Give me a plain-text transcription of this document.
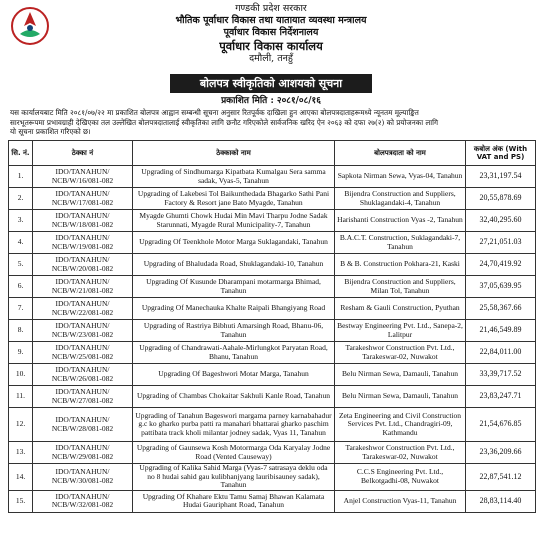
गण्डकी प्रदेश सरकार
भौतिक पूर्वाधार विकास तथा यातायात व्यवस्था मन्त्रालय
पूर्वाधार विकास निर्देशनालय
पूर्वाधार विकास कार्यालय
दमौली, तनहुँ
बोलपत्र स्वीकृतिको आशयको सूचना
प्रकाशित मिति : २०८१/०८/१६
यस कार्यालयबाट मिति २०८१/०७/२२ मा प्रकाशित बोलपत्र आह्वान सम्बन्धी सूचना अनुसार रितपूर्वक दाखिला हुन आएका बोलपत्रदाताहरूमध्ये न्यूनतम मूल्याङ्कित
सारभूतरूपमा प्रभावग्राही देखिएका तल उल्लेखित बोलपत्रदातालाई स्वीकृतिका लागि छनौट गरिएकोले सार्वजनिक खरिद ऐन २०६३ को दफा २७(२) को प्रयोजनका लागि
यो सूचना प्रकाशित गरिएको छ।
सि. नं.	ठेक्का नं	ठेक्काको नाम	बोलपत्रदाता को नाम	कबोल अंक (With VAT and PS)
1.	IDO/TANAHUN/ NCB/W/16/081-082	Upgrading of Sindhumarga Kipatbata Kumalgau Sera samma sadak, Vyas-5, Tanahun	Sapkota Nirman Sewa, Vyas-04, Tanahun	23,31,197.54
2.	IDO/TANAHUN/ NCB/W/17/081-082	Upgrading of Lakebesi Tol Baikunthedada Bhagarko Sathi Pani Factory & Resort jane Bato Myagde, Tanahun	Bijendra Construction and Suppliers, Shuklagandaki-4, Tanahun	20,55,878.69
3.	IDO/TANAHUN/ NCB/W/18/081-082	Myagde Ghumti Chowk Hudai Min Mavi Tharpu Jodne Sadak Starunnati, Myagde Rural Municipality-7, Tanahun	Harishanti Construction Vyas -2, Tanahun	32,40,295.60
4.	IDO/TANAHUN/ NCB/W/19/081-082	Upgrading Of Teenkhole Motor Marga Suklagandaki, Tanahun	B.A.C.T. Construction, Suklagandaki-7, Tanahun	27,21,051.03
5.	IDO/TANAHUN/ NCB/W/20/081-082	Upgrading of Bhaludada Road, Shuklagandaki-10, Tanahun	B & B. Construction Pokhara-21, Kaski	24,70,419.92
6.	IDO/TANAHUN/ NCB/W/21/081-082	Upgrading Of Kusunde Dharampani motarmarga Bhimad, Tanahun	Bijendra Construction and Suppliers, Milan Tol, Tanahun	37,05,639.95
7.	IDO/TANAHUN/ NCB/W/22/081-082	Upgrading Of Manechauka Khalte Raipali Bhangiyang Road	Resham & Gauli Construction, Pyuthan	25,58,367.66
8.	IDO/TANAHUN/ NCB/W/23/081-082	Upgrading of Rastriya Bibhuti Amarsingh Road, Bhanu-06, Tanahun	Bestway Engineering Pvt. Ltd., Sanepa-2, Lalitpur	21,46,549.89
9.	IDO/TANAHUN/ NCB/W/25/081-082	Upgrading of Chandrawati-Aahale-Mirlungkot Paryatan Road, Bhanu, Tanahun	Tarakeshwor Construction Pvt. Ltd., Tarakeswar-02, Nuwakot	22,84,011.00
10.	IDO/TANAHUN/ NCB/W/26/081-082	Upgrading Of Bageshwori Motar Marga, Tanahun	Belu Nirman Sewa, Damauli, Tanahun	33,39,717.52
11.	IDO/TANAHUN/ NCB/W/27/081-082	Upgrading of Chambas Chokaitar Sakhuli Kanle Road, Tanahun	Belu Nirman Sewa, Damauli, Tanahun	23,83,247.71
12.	IDO/TANAHUN/ NCB/W/28/081-082	Upgrading of Tanahun Bageswori margama parney karnabahadur g.c ko gharko purba patti ra manahari bhattarai gharko paschim pattibata track kholi milantar jodney sadak, Vyas 11, Tanahun	Zeta Engineering and Civil Construction Services Pvt. Ltd., Chandragiri-09, Kathmandu	21,54,676.85
13.	IDO/TANAHUN/ NCB/W/29/081-082	Upgrading of Gaunsewa Kosh Motormarga Oda Karyalay Jodne Road (Vented Causeway)	Tarakeshwor Construction Pvt. Ltd., Tarakeswar-02, Nuwakot	23,36,209.66
14.	IDO/TANAHUN/ NCB/W/30/081-082	Upgrading of Kalika Sahid Marga (Vyas-7 satrasaya deklu oda no 8 hudai sahid gau kulibhanjyang lauribisauney sadak), Tanahun	C.C.S Engineering Pvt. Ltd., Belkotgadhi-08, Nuwakot	22,87,541.12
15.	IDO/TANAHUN/ NCB/W/32/081-082	Upgrading Of Khahare Ektu Tamu Samaj Bhawan Kalamata Hudai Gauriphant Road, Tanahun	Anjel Construction Vyas-11, Tanahun	28,83,114.40
